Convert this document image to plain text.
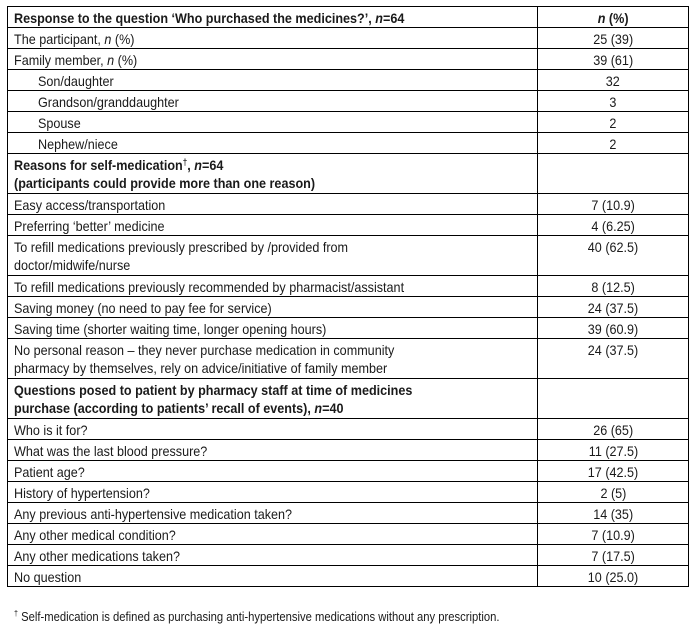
Response to the question ‘Who purchased the medicines?’, n=64	n (%)
The participant, n (%)	25 (39)
Family member, n (%)	39 (61)
Son/daughter	32
Grandson/granddaughter	3
Spouse	2
Nephew/niece	2
Reasons for self-medication†, n=64
(participants could provide more than one reason)	
Easy access/transportation	7 (10.9)
Preferring ‘better’ medicine	4 (6.25)
To refill medications previously prescribed by /provided from
doctor/midwife/nurse	40 (62.5)
To refill medications previously recommended by pharmacist/assistant	8 (12.5)
Saving money (no need to pay fee for service)	24 (37.5)
Saving time (shorter waiting time, longer opening hours)	39 (60.9)
No personal reason – they never purchase medication in community
pharmacy by themselves, rely on advice/initiative of family member	24 (37.5)
Questions posed to patient by pharmacy staff at time of medicines
purchase (according to patients’ recall of events), n=40	
Who is it for?	26 (65)
What was the last blood pressure?	11 (27.5)
Patient age?	17 (42.5)
History of hypertension?	2 (5)
Any previous anti-hypertensive medication taken?	14 (35)
Any other medical condition?	7 (10.9)
Any other medications taken?	7 (17.5)
No question	10 (25.0)
† Self-medication is defined as purchasing anti-hypertensive medications without any prescription.
